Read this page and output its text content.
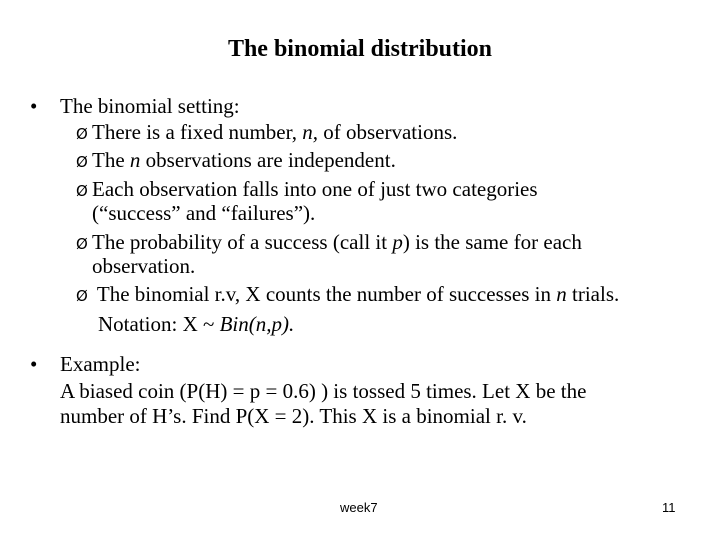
The binomial distribution
• The binomial setting:
Ø There is a fixed number, n, of observations.
Ø The n observations are independent.
Ø Each observation falls into one of just two categories
(“success” and “failures”).
Ø The probability of a success (call it p) is the same for each
observation.
Ø The binomial r.v, X counts the number of successes in n trials.
Notation: X ~ Bin(n,p).
• Example:
A biased coin (P(H) = p = 0.6) ) is tossed 5 times. Let X be the
number of H’s. Find P(X = 2). This X is a binomial r. v.
week7	11
